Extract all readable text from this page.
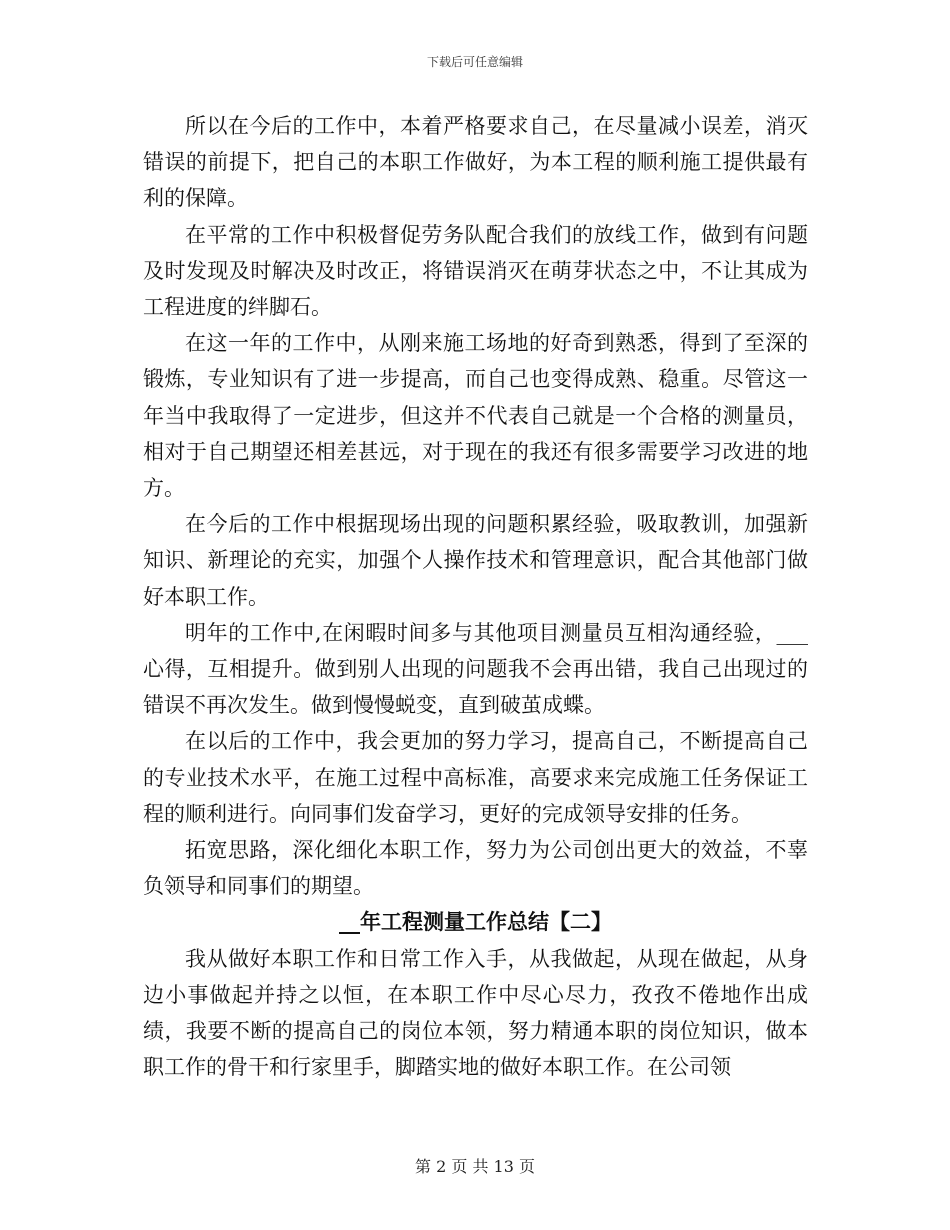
下载后可任意编辑

所以在今后的工作中，本着严格要求自己，在尽量减小误差，消灭错误的前提下，把自己的本职工作做好，为本工程的顺利施工提供最有利的保障。

在平常的工作中积极督促劳务队配合我们的放线工作，做到有问题及时发现及时解决及时改正，将错误消灭在萌芽状态之中，不让其成为工程进度的绊脚石。

在这一年的工作中，从刚来施工场地的好奇到熟悉，得到了至深的锻炼，专业知识有了进一步提高，而自己也变得成熟、稳重。尽管这一年当中我取得了一定进步，但这并不代表自己就是一个合格的测量员，相对于自己期望还相差甚远，对于现在的我还有很多需要学习改进的地方。

在今后的工作中根据现场出现的问题积累经验，吸取教训，加强新知识、新理论的充实，加强个人操作技术和管理意识，配合其他部门做好本职工作。

明年的工作中,在闲暇时间多与其他项目测量员互相沟通经验，___心得，互相提升。做到别人出现的问题我不会再出错，我自己出现过的错误不再次发生。做到慢慢蜕变，直到破茧成蝶。

在以后的工作中，我会更加的努力学习，提高自己，不断提高自己的专业技术水平，在施工过程中高标准，高要求来完成施工任务保证工程的顺利进行。向同事们发奋学习，更好的完成领导安排的任务。

拓宽思路，深化细化本职工作，努力为公司创出更大的效益，不辜负领导和同事们的期望。

__年工程测量工作总结【二】

我从做好本职工作和日常工作入手，从我做起，从现在做起，从身边小事做起并持之以恒，在本职工作中尽心尽力，孜孜不倦地作出成绩，我要不断的提高自己的岗位本领，努力精通本职的岗位知识，做本职工作的骨干和行家里手，脚踏实地的做好本职工作。在公司领

第 2 页 共 13 页
